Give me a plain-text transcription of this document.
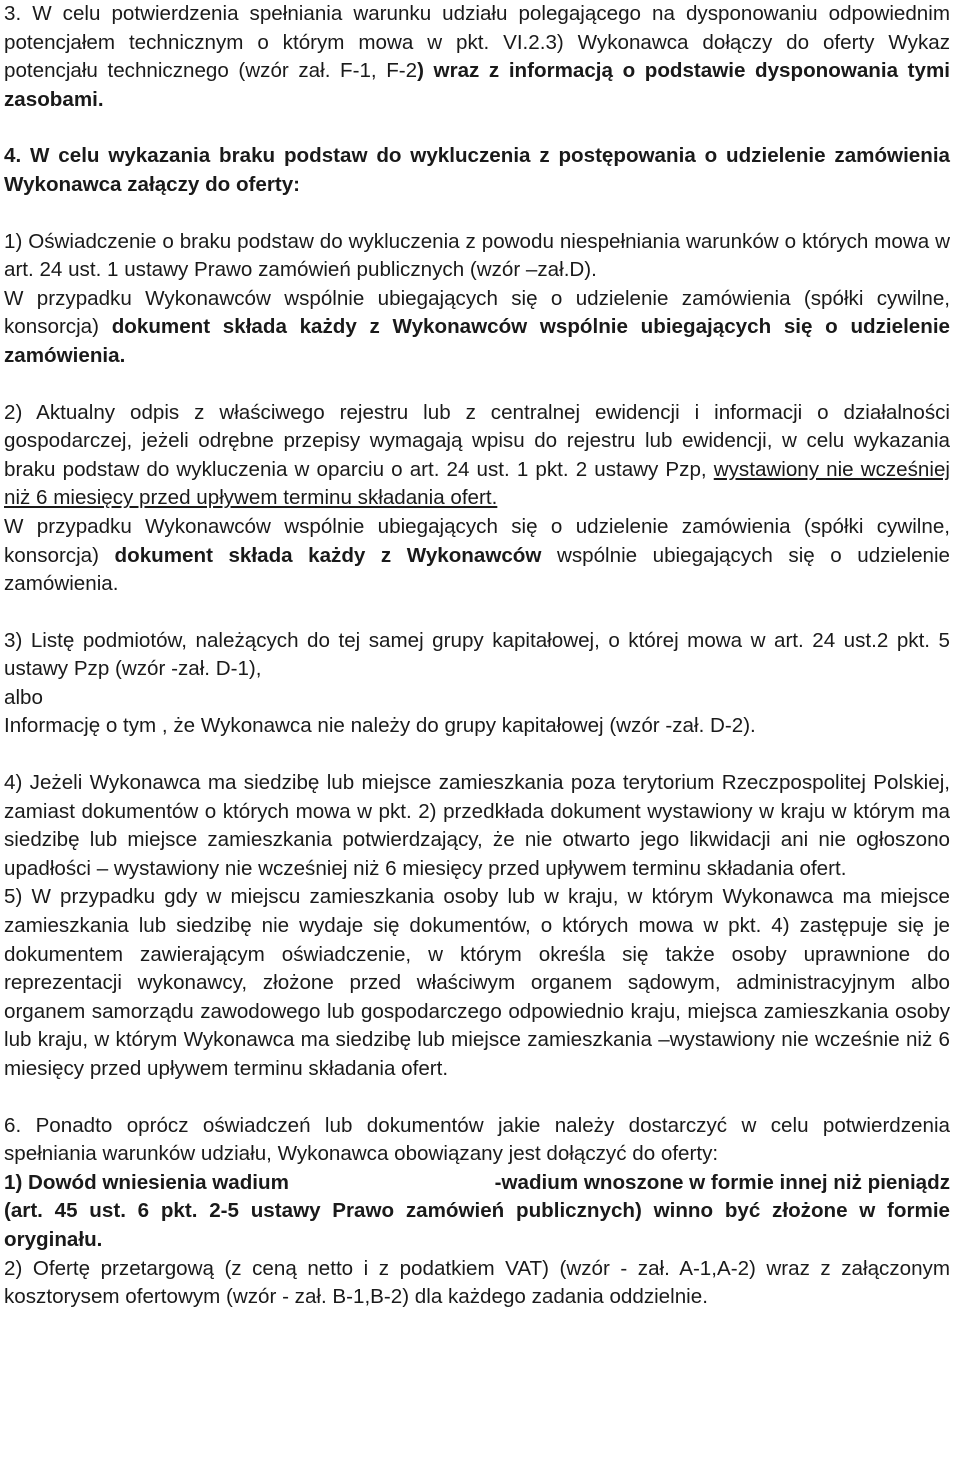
3. W celu potwierdzenia spełniania warunku udziału polegającego na dysponowaniu odpowiednim potencjałem technicznym o którym mowa w pkt. VI.2.3) Wykonawca dołączy do oferty Wykaz potencjału technicznego (wzór zał. F-1, F-2) wraz z informacją o podstawie dysponowania tymi zasobami.

4. W celu wykazania braku podstaw do wykluczenia z postępowania o udzielenie zamówienia Wykonawca załączy do oferty:

1) Oświadczenie o braku podstaw do wykluczenia z powodu niespełniania warunków o których mowa w art. 24 ust. 1 ustawy Prawo zamówień publicznych (wzór –zał.D).

W przypadku Wykonawców wspólnie ubiegających się o udzielenie zamówienia (spółki cywilne, konsorcja) dokument składa każdy z Wykonawców wspólnie ubiegających się o udzielenie zamówienia.

2) Aktualny odpis z właściwego rejestru lub z centralnej ewidencji i informacji o działalności gospodarczej, jeżeli odrębne przepisy wymagają wpisu do rejestru lub ewidencji, w celu wykazania braku podstaw do wykluczenia w oparciu o art. 24 ust. 1 pkt. 2 ustawy Pzp, wystawiony nie wcześniej niż 6 miesięcy przed upływem terminu składania ofert.

W przypadku Wykonawców wspólnie ubiegających się o udzielenie zamówienia (spółki cywilne, konsorcja) dokument składa każdy z Wykonawców wspólnie ubiegających się o udzielenie zamówienia.

3) Listę podmiotów, należących do tej samej grupy kapitałowej, o której mowa w art. 24 ust.2 pkt. 5 ustawy Pzp (wzór -zał. D-1),

albo

Informację o tym , że Wykonawca nie należy do grupy kapitałowej (wzór -zał. D-2).

4) Jeżeli Wykonawca ma siedzibę lub miejsce zamieszkania poza terytorium Rzeczpospolitej Polskiej, zamiast dokumentów o których mowa w pkt. 2) przedkłada dokument wystawiony w kraju w którym ma siedzibę lub miejsce zamieszkania potwierdzający, że nie otwarto jego likwidacji ani nie ogłoszono upadłości – wystawiony nie wcześniej niż 6 miesięcy przed upływem terminu składania ofert.

5) W przypadku gdy w miejscu zamieszkania osoby lub w kraju, w którym Wykonawca ma miejsce zamieszkania lub siedzibę nie wydaje się dokumentów, o których mowa w pkt. 4) zastępuje się je dokumentem zawierającym oświadczenie, w którym określa się także osoby uprawnione do reprezentacji wykonawcy, złożone przed właściwym organem sądowym, administracyjnym albo organem samorządu zawodowego lub gospodarczego odpowiednio kraju, miejsca zamieszkania osoby lub kraju, w którym Wykonawca ma siedzibę lub miejsce zamieszkania –wystawiony nie wcześnie niż 6 miesięcy przed upływem terminu składania ofert.

6. Ponadto oprócz oświadczeń lub dokumentów jakie należy dostarczyć w celu potwierdzenia spełniania warunków udziału, Wykonawca obowiązany jest dołączyć do oferty:

1) Dowód wniesienia wadium	-wadium wnoszone w formie innej niż pieniądz

(art. 45 ust. 6 pkt. 2-5 ustawy Prawo zamówień publicznych) winno być złożone w formie oryginału.

2) Ofertę przetargową (z ceną netto i z podatkiem VAT) (wzór - zał. A-1,A-2) wraz z załączonym kosztorysem ofertowym (wzór - zał. B-1,B-2) dla każdego zadania oddzielnie.
